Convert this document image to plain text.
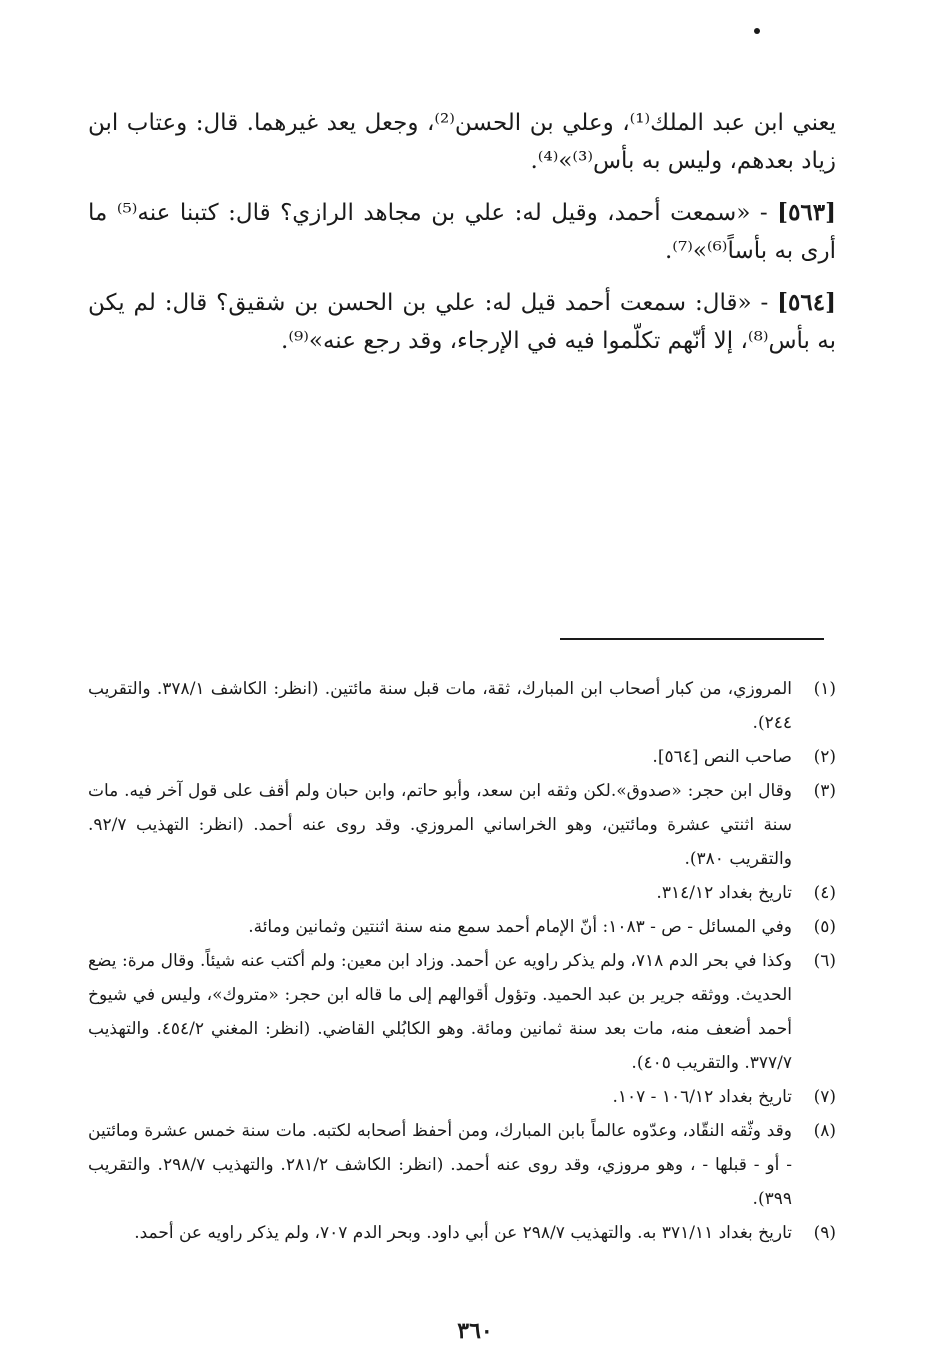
يعني ابن عبد الملك⁽¹⁾، وعلي بن الحسن⁽²⁾، وجعل يعد غيرهما. قال: وعتاب ابن زياد بعدهم، وليس به بأس⁽³⁾»⁽⁴⁾.

[٥٦٣] - «سمعت أحمد، وقيل له: علي بن مجاهد الرازي؟ قال: كتبنا عنه⁽⁵⁾ ما أرى به بأساً⁽⁶⁾»⁽⁷⁾.

[٥٦٤] - «قال: سمعت أحمد قيل له: علي بن الحسن بن شقيق؟ قال: لم يكن به بأس⁽⁸⁾، إلا أنّهم تكلّموا فيه في الإرجاء، وقد رجع عنه»⁽⁹⁾.

(١)
المروزي، من كبار أصحاب ابن المبارك، ثقة، مات قبل سنة مائتين. (انظر: الكاشف ٣٧٨/١. والتقريب ٢٤٤).
(٢)
صاحب النص [٥٦٤].
(٣)
وقال ابن حجر: «صدوق».لكن وثقه ابن سعد، وأبو حاتم، وابن حبان ولم أقف على قول آخر فيه. مات سنة اثنتي عشرة ومائتين، وهو الخراساني المروزي. وقد روى عنه أحمد. (انظر: التهذيب ٩٢/٧. والتقريب ٣٨٠).
(٤)
تاريخ بغداد ٣١٤/١٢.
(٥)
وفي المسائل - ص - ١٠٨٣: أنّ الإمام أحمد سمع منه سنة اثنتين وثمانين ومائة.
(٦)
وكذا في بحر الدم ٧١٨، ولم يذكر راويه عن أحمد. وزاد ابن معين: ولم أكتب عنه شيئاً. وقال مرة: يضع الحديث. ووثقه جرير بن عبد الحميد. وتؤول أقوالهم إلى ما قاله ابن حجر: «متروك»، وليس في شيوخ أحمد أضعف منه، مات بعد سنة ثمانين ومائة. وهو الكابُلي القاضي. (انظر: المغني ٤٥٤/٢. والتهذيب ٣٧٧/٧. والتقريب ٤٠٥).
(٧)
تاريخ بغداد ١٠٦/١٢ - ١٠٧.
(٨)
وقد وثّقه النقّاد، وعدّوه عالماً بابن المبارك، ومن أحفظ أصحابه لكتبه. مات سنة خمس عشرة ومائتين - أو - قبلها - ، وهو مروزي، وقد روى عنه أحمد. (انظر: الكاشف ٢٨١/٢. والتهذيب ٢٩٨/٧. والتقريب ٣٩٩).
(٩)
تاريخ بغداد ٣٧١/١١ به. والتهذيب ٢٩٨/٧ عن أبي داود. وبحر الدم ٧٠٧، ولم يذكر راويه عن أحمد.
٣٦٠
